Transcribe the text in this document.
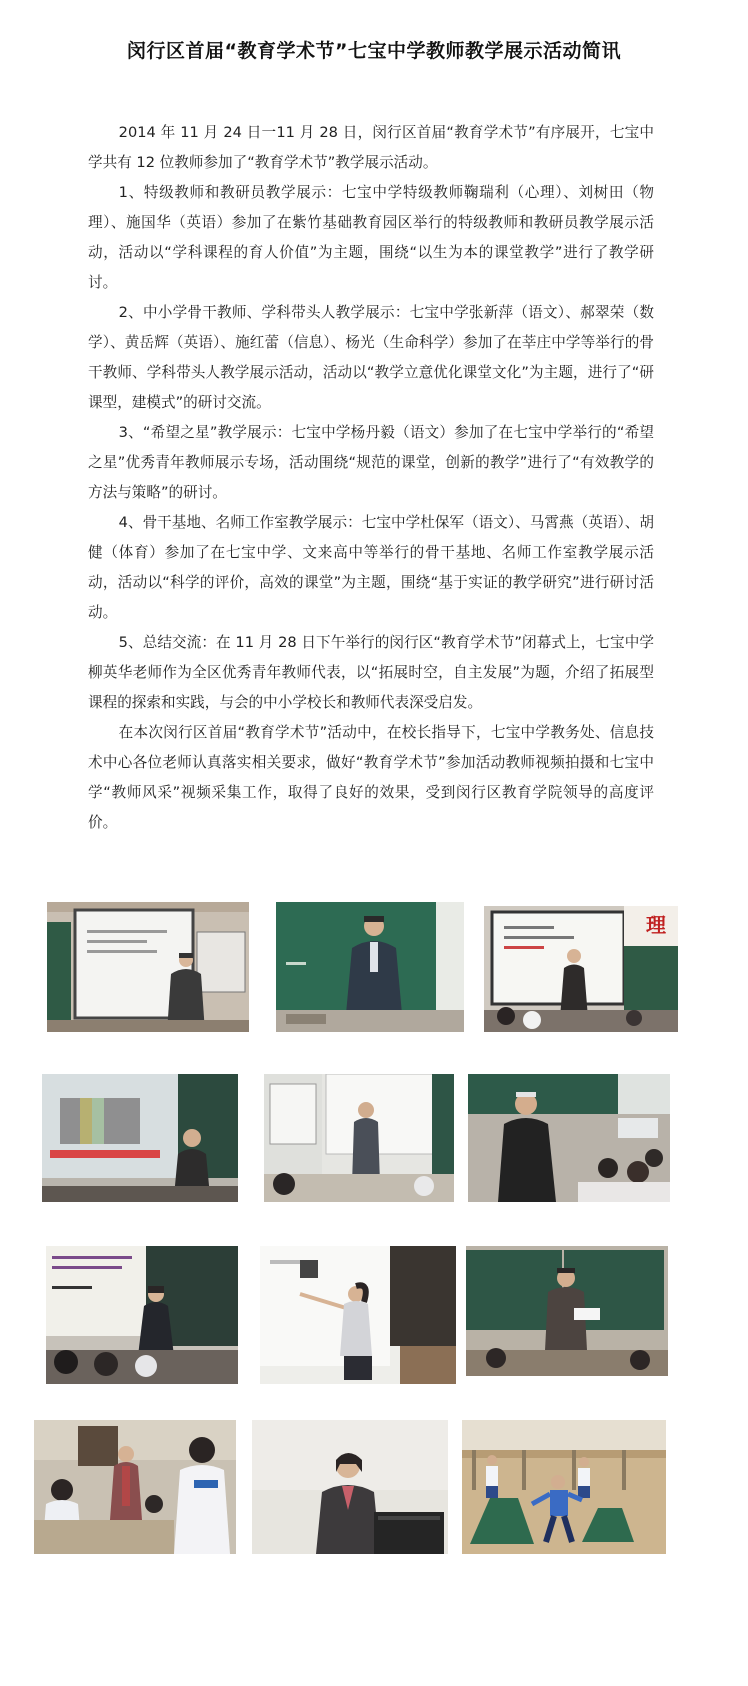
闵行区首届“教育学术节”七宝中学教师教学展示活动简讯

2014 年 11 月 24 日一11 月 28 日，闵行区首届“教育学术节”有序展开，七宝中学共有 12 位教师参加了“教育学术节”教学展示活动。

1、特级教师和教研员教学展示：七宝中学特级教师鞠瑞利（心理）、刘树田（物理）、施国华（英语）参加了在紫竹基础教育园区举行的特级教师和教研员教学展示活动，活动以“学科课程的育人价值”为主题，围绕“以生为本的课堂教学”进行了教学研讨。

2、中小学骨干教师、学科带头人教学展示：七宝中学张新萍（语文）、郝翠荣（数学）、黄岳辉（英语）、施红蕾（信息）、杨光（生命科学）参加了在莘庄中学等举行的骨干教师、学科带头人教学展示活动，活动以“教学立意优化课堂文化”为主题，进行了“研课型，建模式”的研讨交流。

3、“希望之星”教学展示：七宝中学杨丹毅（语文）参加了在七宝中学举行的“希望之星”优秀青年教师展示专场，活动围绕“规范的课堂，创新的教学”进行了“有效教学的方法与策略”的研讨。

4、骨干基地、名师工作室教学展示：七宝中学杜保军（语文）、马霄燕（英语）、胡健（体育）参加了在七宝中学、文来高中等举行的骨干基地、名师工作室教学展示活动，活动以“科学的评价，高效的课堂”为主题，围绕“基于实证的教学研究”进行研讨活动。

5、总结交流：在 11 月 28 日下午举行的闵行区“教育学术节”闭幕式上，七宝中学柳英华老师作为全区优秀青年教师代表，以“拓展时空，自主发展”为题，介绍了拓展型课程的探索和实践，与会的中小学校长和教师代表深受启发。

在本次闵行区首届“教育学术节”活动中，在校长指导下，七宝中学教务处、信息技术中心各位老师认真落实相关要求，做好“教育学术节”参加活动教师视频拍摄和七宝中学“教师风采”视频采集工作，取得了良好的效果，受到闵行区教育学院领导的高度评价。

理
